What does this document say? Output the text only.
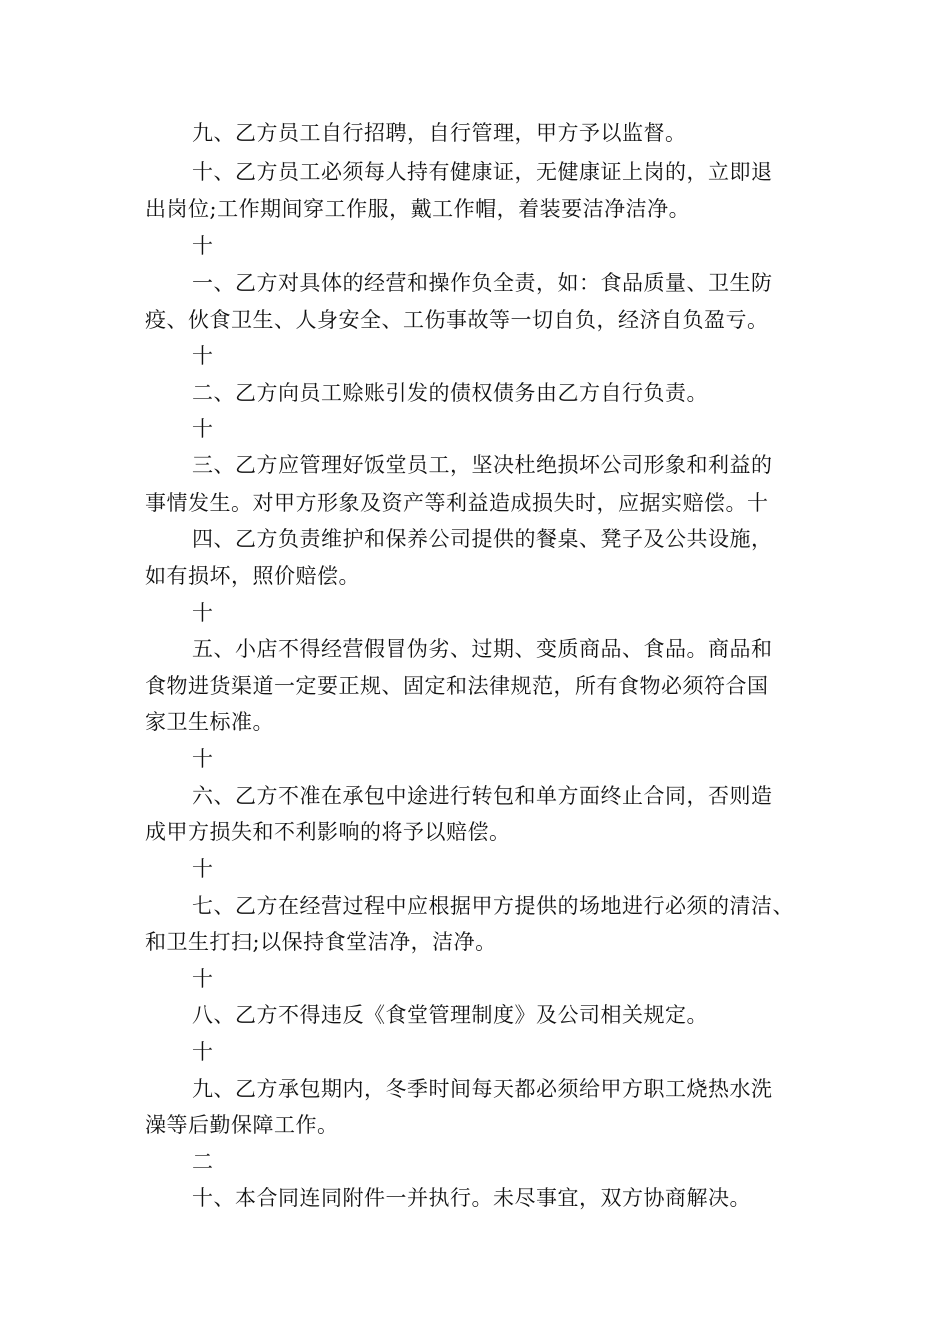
九、乙方员工自行招聘，自行管理，甲方予以监督。
十、乙方员工必须每人持有健康证，无健康证上岗的，立即退
出岗位;工作期间穿工作服，戴工作帽，着装要洁净洁净。
十
一、乙方对具体的经营和操作负全责，如：食品质量、卫生防
疫、伙食卫生、人身安全、工伤事故等一切自负，经济自负盈亏。
十
二、乙方向员工赊账引发的债权债务由乙方自行负责。
十
三、乙方应管理好饭堂员工，坚决杜绝损坏公司形象和利益的
事情发生。对甲方形象及资产等利益造成损失时，应据实赔偿。十
四、乙方负责维护和保养公司提供的餐桌、凳子及公共设施，
如有损坏，照价赔偿。
十
五、小店不得经营假冒伪劣、过期、变质商品、食品。商品和
食物进货渠道一定要正规、固定和法律规范，所有食物必须符合国
家卫生标准。
十
六、乙方不准在承包中途进行转包和单方面终止合同，否则造
成甲方损失和不利影响的将予以赔偿。
十
七、乙方在经营过程中应根据甲方提供的场地进行必须的清洁、
和卫生打扫;以保持食堂洁净，洁净。
十
八、乙方不得违反《食堂管理制度》及公司相关规定。
十
九、乙方承包期内，冬季时间每天都必须给甲方职工烧热水洗
澡等后勤保障工作。
二
十、本合同连同附件一并执行。未尽事宜，双方协商解决。
